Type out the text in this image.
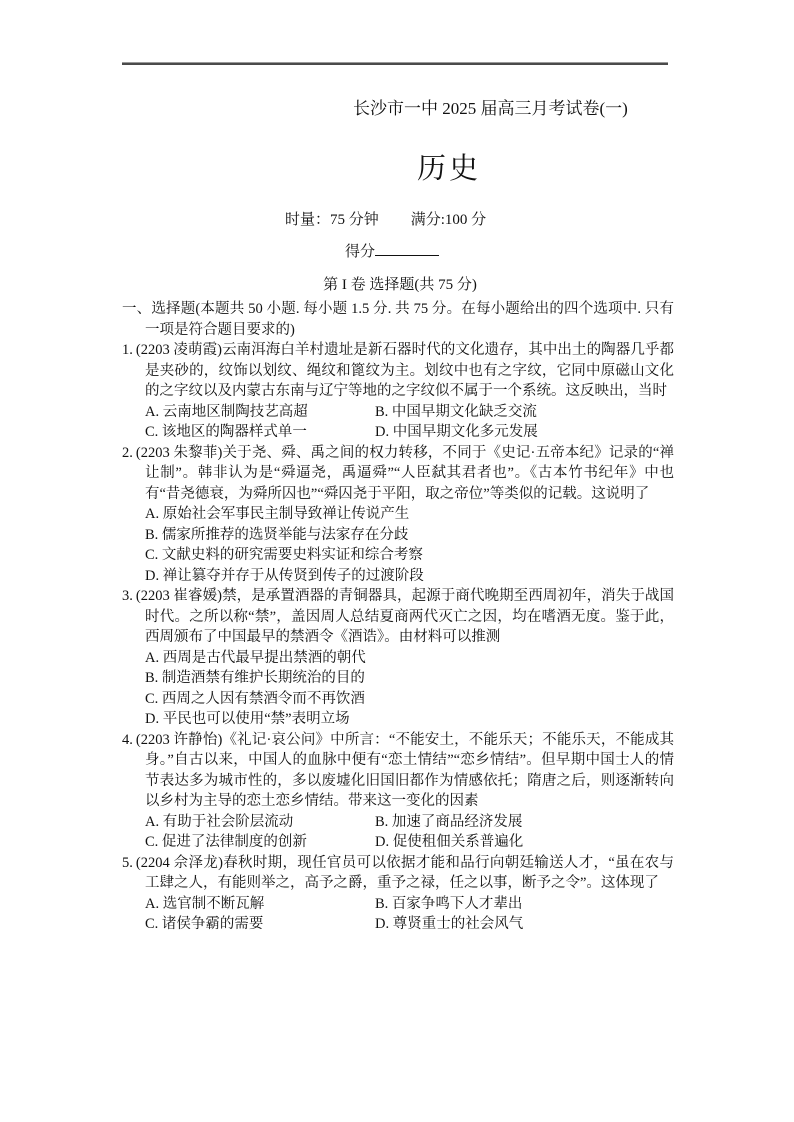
长沙市一中 2025 届高三月考试卷(一)
历史
时量：75 分钟 满分:100 分
得分
第 I 卷 选择题(共 75 分)

一、选择题(本题共 50 小题. 每小题 1.5 分. 共 75 分。在每小题给出的四个选项中. 只有一项是符合题目要求的)

1. (2203 凌萌霞)云南洱海白羊村遗址是新石器时代的文化遗存，其中出土的陶器几乎都是夹砂的，纹饰以划纹、绳纹和篦纹为主。划纹中也有之字纹，它同中原磁山文化的之字纹以及内蒙古东南与辽宁等地的之字纹似不属于一个系统。这反映出，当时

A. 云南地区制陶技艺高超	B. 中国早期文化缺乏交流
C. 该地区的陶器样式单一	D. 中国早期文化多元发展

2. (2203 朱黎菲)关于尧、舜、禹之间的权力转移，不同于《史记·五帝本纪》记录的“禅让制”。韩非认为是“舜逼尧，禹逼舜”“人臣弑其君者也”。《古本竹书纪年》中也有“昔尧德衰，为舜所囚也”“舜囚尧于平阳，取之帝位”等类似的记载。这说明了

A. 原始社会军事民主制导致禅让传说产生
B. 儒家所推荐的选贤举能与法家存在分歧
C. 文献史料的研究需要史料实证和综合考察
D. 禅让篡夺并存于从传贤到传子的过渡阶段

3. (2203 崔睿媛)禁，是承置酒器的青铜器具，起源于商代晚期至西周初年，消失于战国时代。之所以称“禁”，盖因周人总结夏商两代灭亡之因，均在嗜酒无度。鉴于此，西周颁布了中国最早的禁酒令《酒诰》。由材料可以推测

A. 西周是古代最早提出禁酒的朝代
B. 制造酒禁有维护长期统治的目的
C. 西周之人因有禁酒令而不再饮酒
D. 平民也可以使用“禁”表明立场

4. (2203 许静怡)《礼记·哀公问》中所言：“不能安土，不能乐天；不能乐天，不能成其身。”自古以来，中国人的血脉中便有“恋土情结”“恋乡情结”。但早期中国士人的情节表达多为城市性的，多以废墟化旧国旧都作为情感依托；隋唐之后，则逐渐转向以乡村为主导的恋土恋乡情结。带来这一变化的因素

A. 有助于社会阶层流动	B. 加速了商品经济发展
C. 促进了法律制度的创新	D. 促使租佃关系普遍化

5. (2204 佘泽龙)春秋时期，现任官员可以依据才能和品行向朝廷输送人才，“虽在农与工肆之人，有能则举之，高予之爵，重予之禄，任之以事，断予之令”。这体现了

A. 选官制不断瓦解	B. 百家争鸣下人才辈出
C. 诸侯争霸的需要	D. 尊贤重士的社会风气
